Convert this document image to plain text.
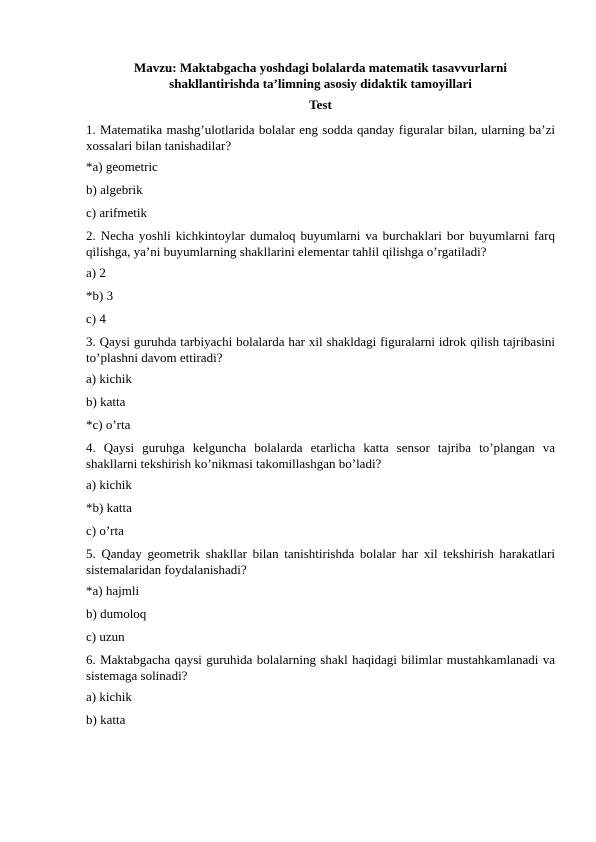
Mavzu: Maktabgacha yoshdagi bolalarda matematik tasavvurlarni
shakllantirishda ta’limning asosiy didaktik tamoyillari
Test
1. Matematika mashg’ulotlarida bolalar eng sodda qanday figuralar bilan, ularning ba’zi xossalari bilan tanishadilar?
*a) geometric
b) algebrik
c) arifmetik
2. Necha yoshli kichkintoylar dumaloq buyumlarni va burchaklari bor buyumlarni farq qilishga, ya’ni buyumlarning shakllarini elementar tahlil qilishga o’rgatiladi?
a) 2
*b) 3
c) 4
3. Qaysi guruhda tarbiyachi bolalarda har xil shakldagi figuralarni idrok qilish tajribasini to’plashni davom ettiradi?
a) kichik
b) katta
*c) o’rta
4. Qaysi guruhga kelguncha bolalarda etarlicha katta sensor tajriba to’plangan va shakllarni tekshirish ko’nikmasi takomillashgan bo’ladi?
a) kichik
*b) katta
c) o’rta
5. Qanday geometrik shakllar bilan tanishtirishda bolalar har xil tekshirish harakatlari sistemalaridan foydalanishadi?
*a) hajmli
b) dumoloq
c) uzun
6. Maktabgacha qaysi guruhida bolalarning shakl haqidagi bilimlar mustahkamlanadi va sistemaga solinadi?
a) kichik
b) katta
